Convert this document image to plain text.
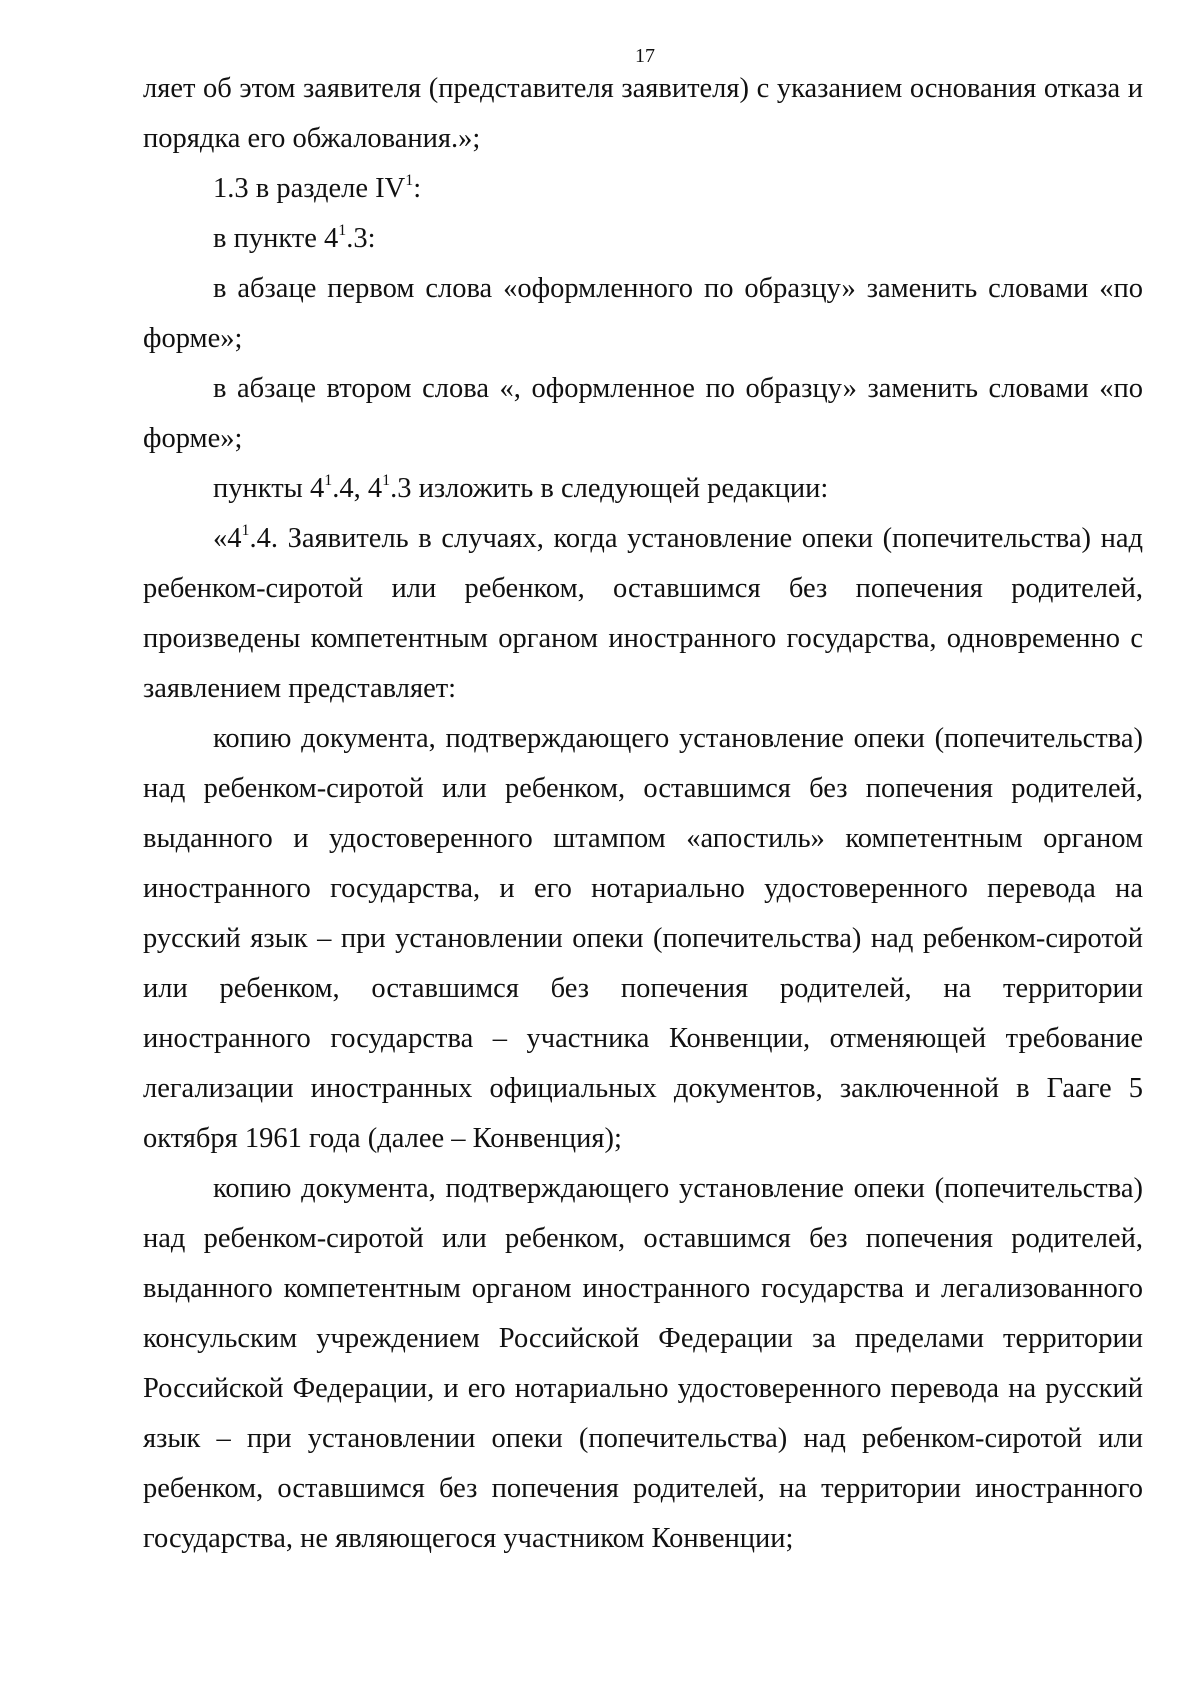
17

ляет об этом заявителя (представителя заявителя) с указанием основания отказа и порядка его обжалования.»;

1.3 в разделе $IV^1$:

в пункте $4^1.3$:

в абзаце первом слова «оформленного по образцу» заменить словами «по форме»;

в абзаце втором слова «, оформленное по образцу» заменить словами «по форме»;

пункты $4^1.4$, $4^1.3$ изложить в следующей редакции:

«$4^1.4$. Заявитель в случаях, когда установление опеки (попечительства) над ребенком-сиротой или ребенком, оставшимся без попечения родителей, произведены компетентным органом иностранного государства, одновременно с заявлением представляет:

копию документа, подтверждающего установление опеки (попечительства) над ребенком-сиротой или ребенком, оставшимся без попечения родителей, выданного и удостоверенного штампом «апостиль» компетентным органом иностранного государства, и его нотариально удостоверенного перевода на русский язык – при установлении опеки (попечительства) над ребенком-сиротой или ребенком, оставшимся без попечения родителей, на территории иностранного государства – участника Конвенции, отменяющей требование легализации иностранных официальных документов, заключенной в Гааге 5 октября 1961 года (далее – Конвенция);

копию документа, подтверждающего установление опеки (попечительства) над ребенком-сиротой или ребенком, оставшимся без попечения родителей, выданного компетентным органом иностранного государства и легализованного консульским учреждением Российской Федерации за пределами территории Российской Федерации, и его нотариально удостоверенного перевода на русский язык – при установлении опеки (попечительства) над ребенком-сиротой или ребенком, оставшимся без попечения родителей, на территории иностранного государства, не являющегося участником Конвенции;
